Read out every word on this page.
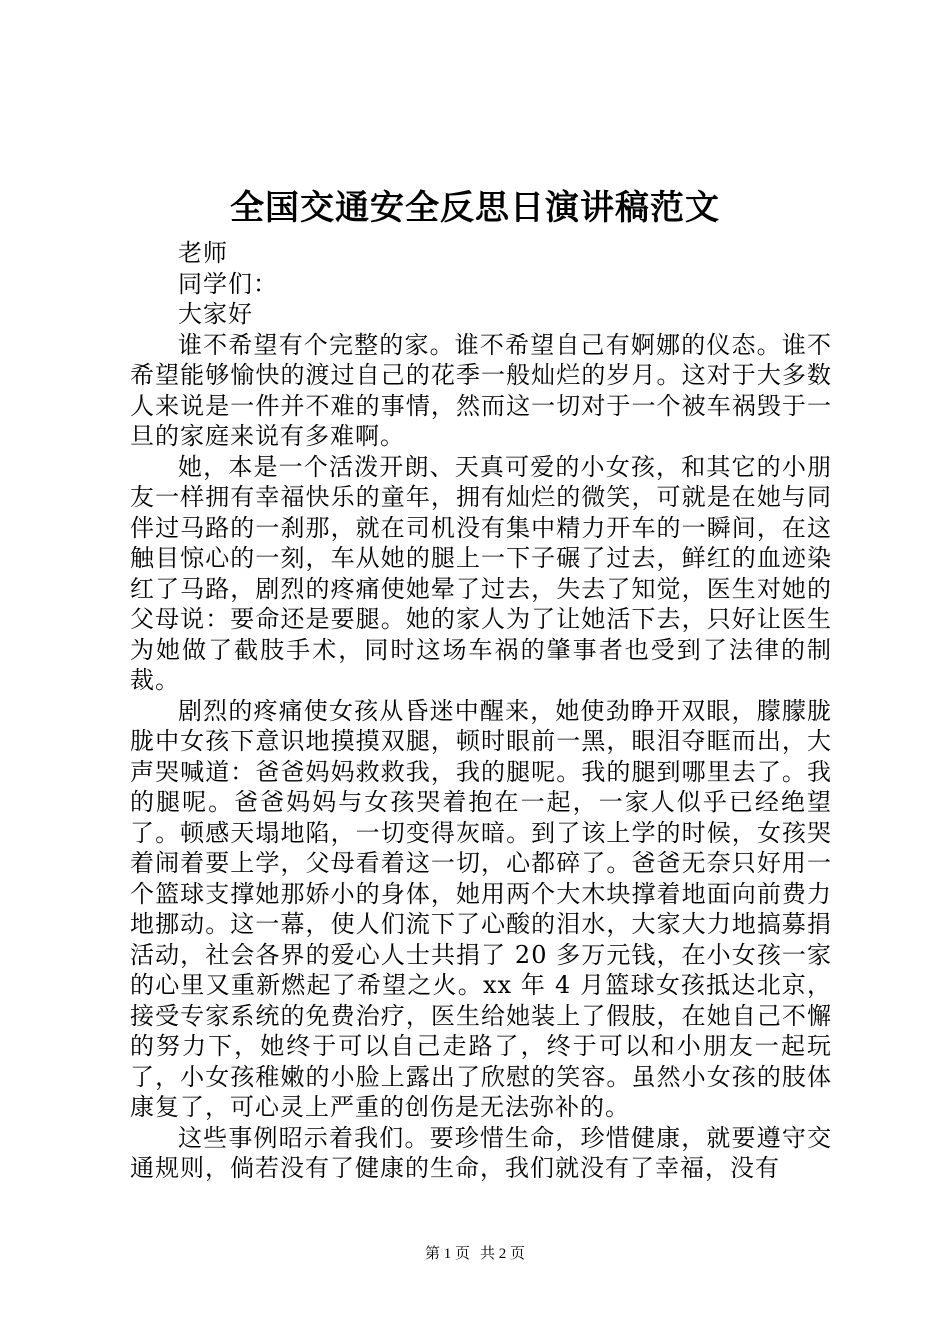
全国交通安全反思日演讲稿范文

老师

同学们：

大家好

谁不希望有个完整的家。谁不希望自己有婀娜的仪态。谁不希望能够愉快的渡过自己的花季一般灿烂的岁月。这对于大多数人来说是一件并不难的事情，然而这一切对于一个被车祸毁于一旦的家庭来说有多难啊。

她，本是一个活泼开朗、天真可爱的小女孩，和其它的小朋友一样拥有幸福快乐的童年，拥有灿烂的微笑，可就是在她与同伴过马路的一刹那，就在司机没有集中精力开车的一瞬间，在这触目惊心的一刻，车从她的腿上一下子碾了过去，鲜红的血迹染红了马路，剧烈的疼痛使她晕了过去，失去了知觉，医生对她的父母说：要命还是要腿。她的家人为了让她活下去，只好让医生为她做了截肢手术，同时这场车祸的肇事者也受到了法律的制裁。

剧烈的疼痛使女孩从昏迷中醒来，她使劲睁开双眼，朦朦胧胧中女孩下意识地摸摸双腿，顿时眼前一黑，眼泪夺眶而出，大声哭喊道：爸爸妈妈救救我，我的腿呢。我的腿到哪里去了。我的腿呢。爸爸妈妈与女孩哭着抱在一起，一家人似乎已经绝望了。顿感天塌地陷，一切变得灰暗。到了该上学的时候，女孩哭着闹着要上学，父母看着这一切，心都碎了。爸爸无奈只好用一个篮球支撑她那娇小的身体，她用两个大木块撑着地面向前费力地挪动。这一幕，使人们流下了心酸的泪水，大家大力地搞募捐活动，社会各界的爱心人士共捐了 20 多万元钱，在小女孩一家的心里又重新燃起了希望之火。xx 年 4 月篮球女孩抵达北京，接受专家系统的免费治疗，医生给她装上了假肢，在她自己不懈的努力下，她终于可以自己走路了，终于可以和小朋友一起玩了，小女孩稚嫩的小脸上露出了欣慰的笑容。虽然小女孩的肢体康复了，可心灵上严重的创伤是无法弥补的。

这些事例昭示着我们。要珍惜生命，珍惜健康，就要遵守交通规则，倘若没有了健康的生命，我们就没有了幸福，没有

第 1 页 共 2 页
